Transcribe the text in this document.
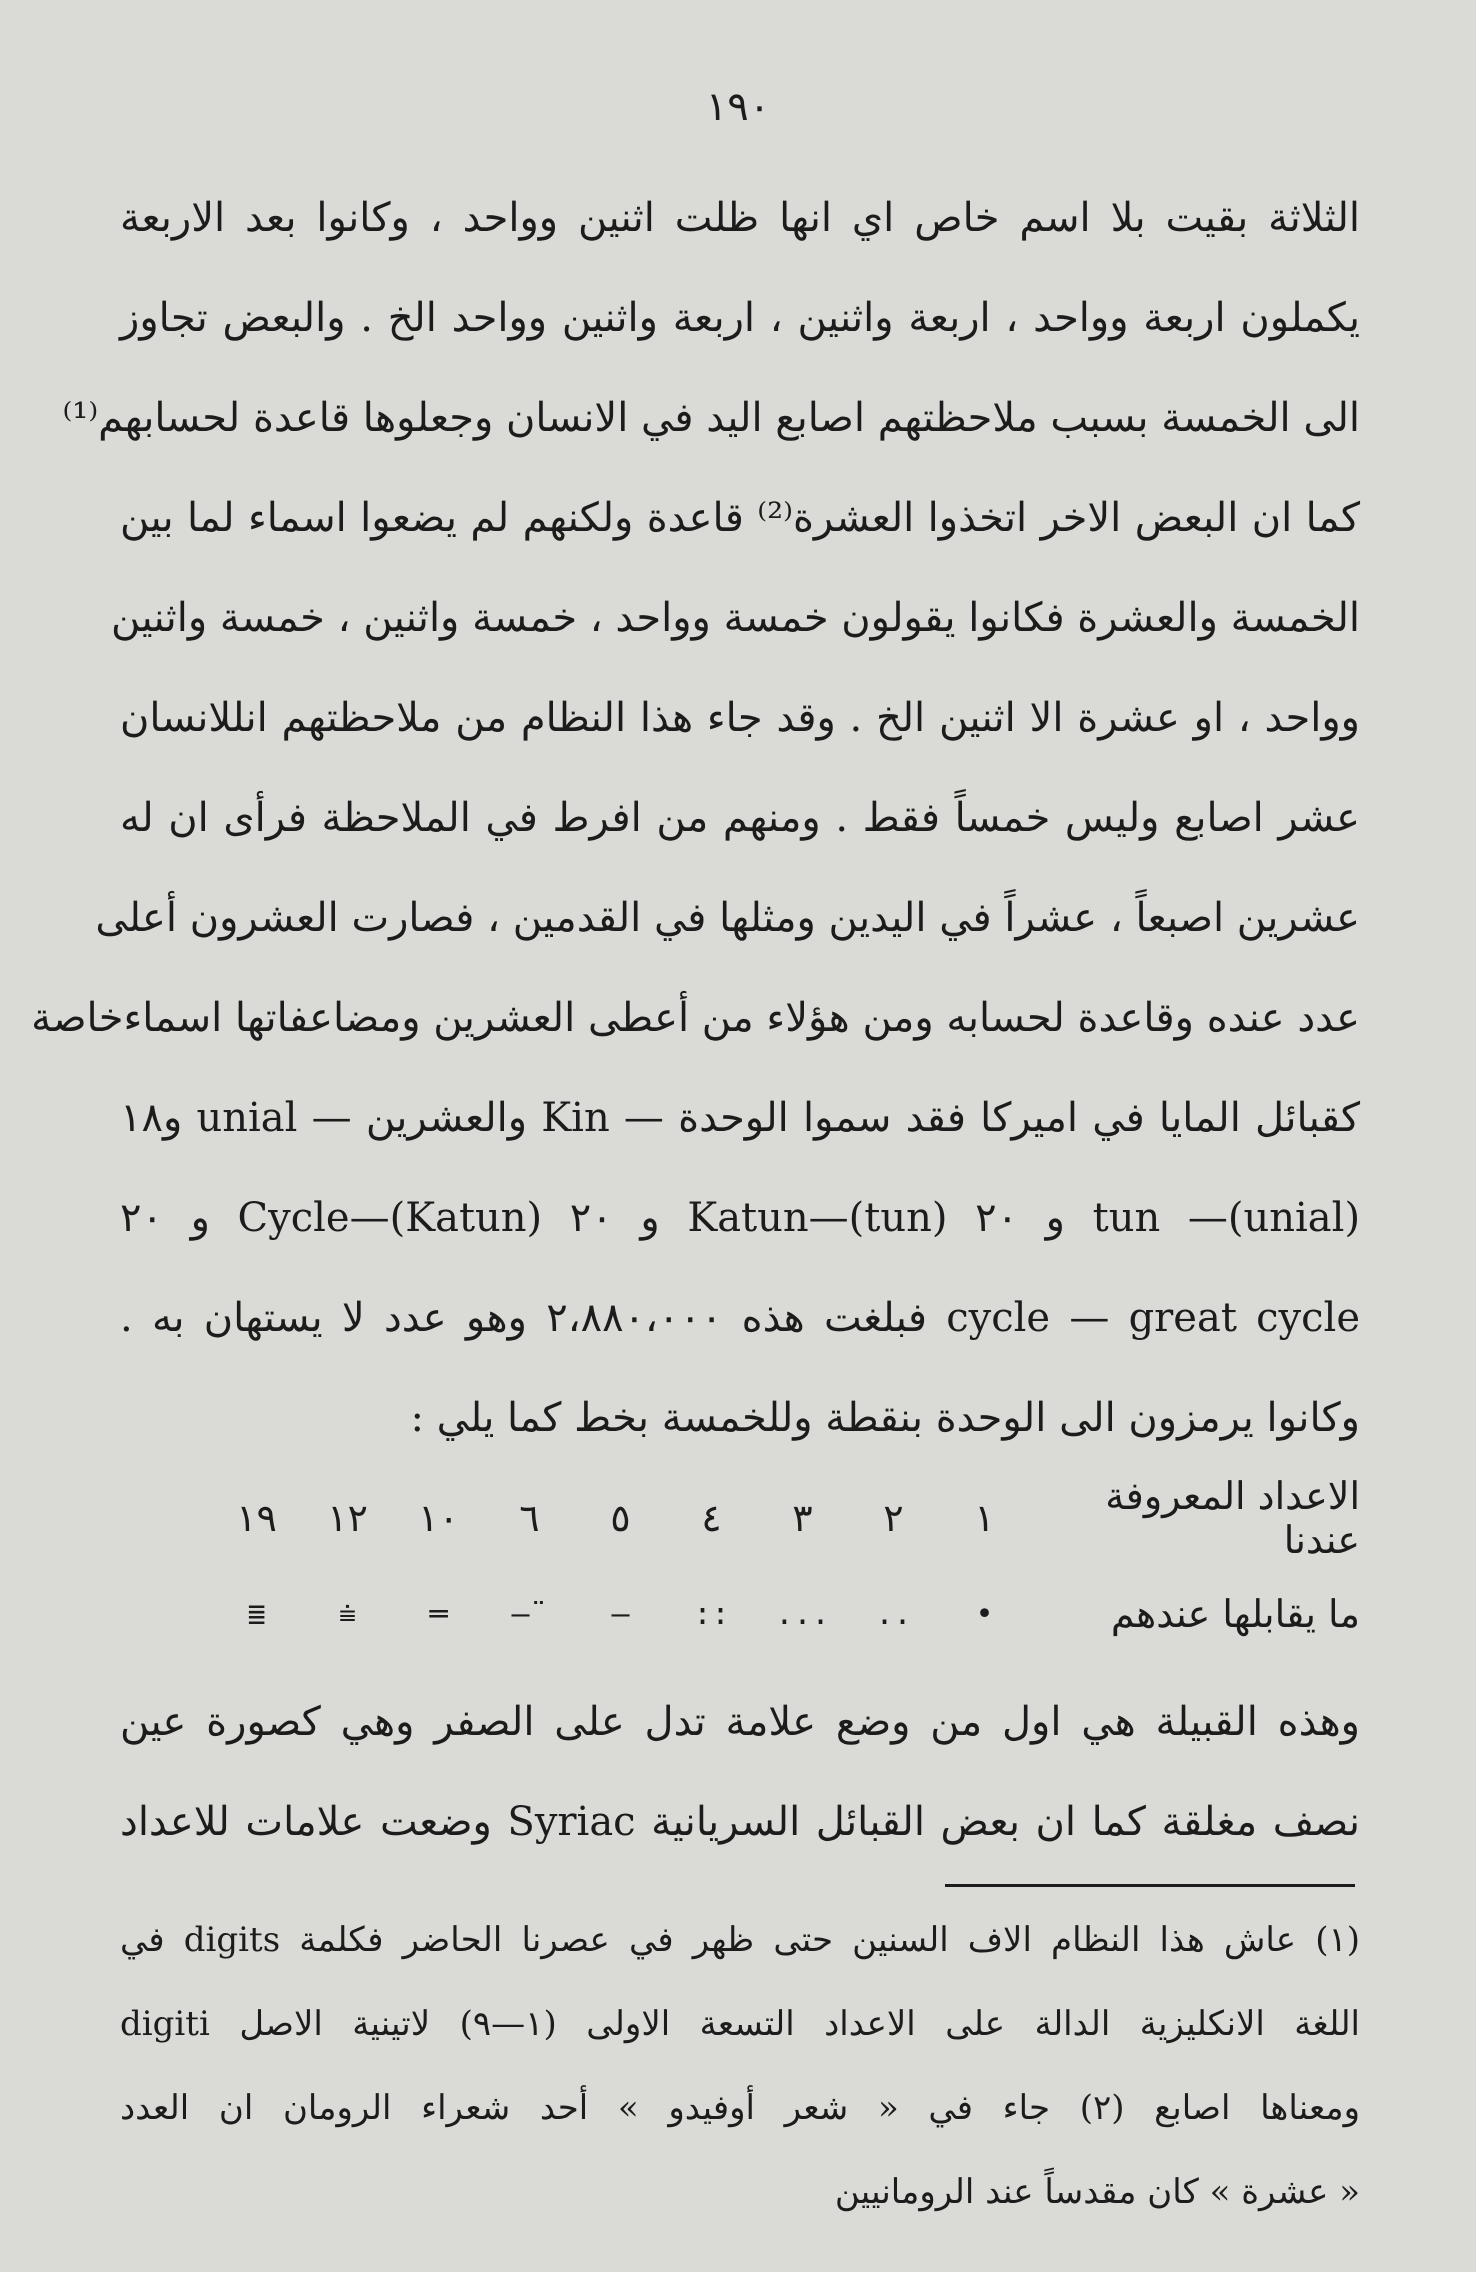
١٩٠
الثلاثة بقيت بلا اسم خاص اي انها ظلت اثنين وواحد ، وكانوا بعد الاربعة
يكملون اربعة وواحد ، اربعة واثنين ، اربعة واثنين وواحد الخ . والبعض تجاوز
الى الخمسة بسبب ملاحظتهم اصابع اليد في الانسان وجعلوها قاعدة لحسابهم⁽¹⁾
كما ان البعض الاخر اتخذوا العشرة⁽²⁾ قاعدة ولكنهم لم يضعوا اسماء لما بين
الخمسة والعشرة فكانوا يقولون خمسة وواحد ، خمسة واثنين ، خمسة واثنين
وواحد ، او عشرة الا اثنين الخ . وقد جاء هذا النظام من ملاحظتهم انللانسان
عشر اصابع وليس خمساً فقط . ومنهم من افرط في الملاحظة فرأى ان له
عشرين اصبعاً ، عشراً في اليدين ومثلها في القدمين ، فصارت العشرون أعلى
عدد عنده وقاعدة لحسابه ومن هؤلاء من أعطى العشرين ومضاعفاتها اسماءخاصة
كقبائل المايا في اميركا فقد سموا الوحدة — Kin والعشرين — unial و١٨
(unial)— tun و ٢٠ (tun)—Katun و ٢٠ (Katun)—Cycle و ٢٠
cycle — great cycle فبلغت هذه ٢،٨٨٠،٠٠٠ وهو عدد لا يستهان به .
وكانوا يرمزون الى الوحدة بنقطة وللخمسة بخط كما يلي :
الاعداد المعروفة عندنا
١
٢
٣
٤
٥
٦
١٠
١٢
١٩
ما يقابلها عندهم
•
..
...
::
—
¨—
═
⩧
≣
وهذه القبيلة هي اول من وضع علامة تدل على الصفر وهي كصورة عين
نصف مغلقة كما ان بعض القبائل السريانية Syriac وضعت علامات للاعداد
(١) عاش هذا النظام الاف السنين حتى ظهر في عصرنا الحاضر فكلمة digits في
اللغة الانكليزية الدالة على الاعداد التسعة الاولى (١—٩) لاتينية الاصل digiti
ومعناها اصابع (٢) جاء في « شعر أوفيدو » أحد شعراء الرومان ان العدد
« عشرة » كان مقدساً عند الرومانيين
